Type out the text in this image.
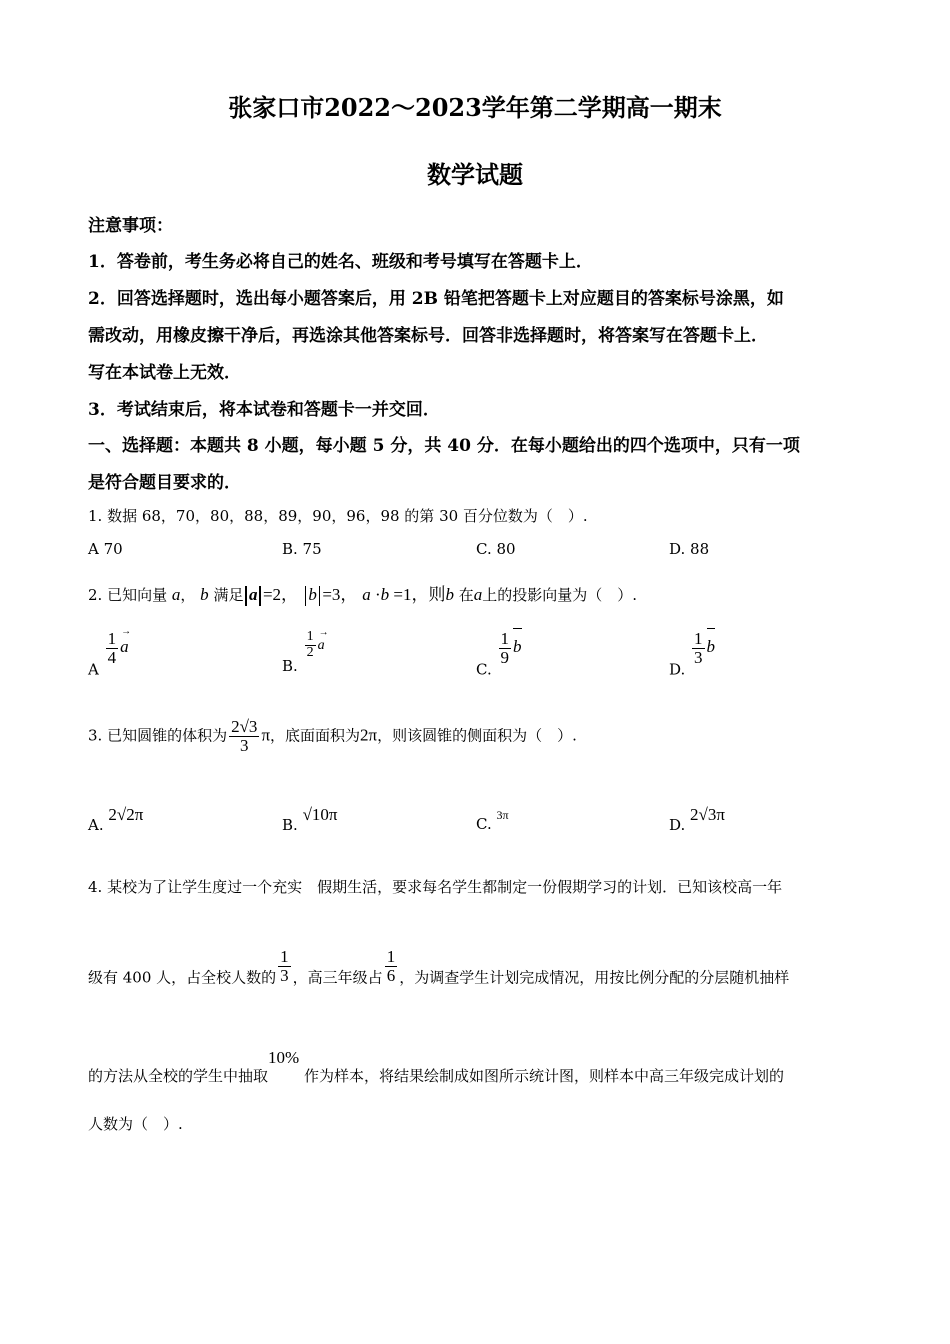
张家口市2022～2023学年第二学期高一期末
数学试题
注意事项：
1．答卷前，考生务必将自己的姓名、班级和考号填写在答题卡上．
2．回答选择题时，选出每小题答案后，用 2B 铅笔把答题卡上对应题目的答案标号涂黑，如
需改动，用橡皮擦干净后，再选涂其他答案标号．回答非选择题时，将答案写在答题卡上．
写在本试卷上无效．
3．考试结束后，将本试卷和答题卡一并交回．
一、选择题：本题共 8 小题，每小题 5 分，共 40 分．在每小题给出的四个选项中，只有一项
是符合题目要求的．
1. 数据 68，70，80，88，89，90，96，98 的第 30 百分位数为（　）.
A 70	B. 75	C. 80	D. 88
2. 已知向量 a， b 满足 a =2， b =3， a ·b =1，则b 在a上的投影向量为（　）.
A
$\frac{1}{4}$ →
a
B.
$\frac{1}{2}$ →
a
C.
$\frac{1}{9}$ b
D.
$\frac{1}{3}$ b
3. 已知圆锥的体积为 $\frac{2√3}{3}$ π，底面面积为2π，则该圆锥的侧面积为（　）.
A. 2√2π
B. √10π	C. 3π
D. 2√3π
4. 某校为了让学生度过一个充实　假期生活，要求每名学生都制定一份假期学习的计划．已知该校高一年
级有 400 人，占全校人数的 $\frac{1}{3}$ ，高三年级占 $\frac{1}{6}$ ，为调查学生计划完成情况，用按比例分配的分层随机抽样
的方法从全校的学生中抽取10% 作为样本，将结果绘制成如图所示统计图，则样本中高三年级完成计划的
人数为（　）.
